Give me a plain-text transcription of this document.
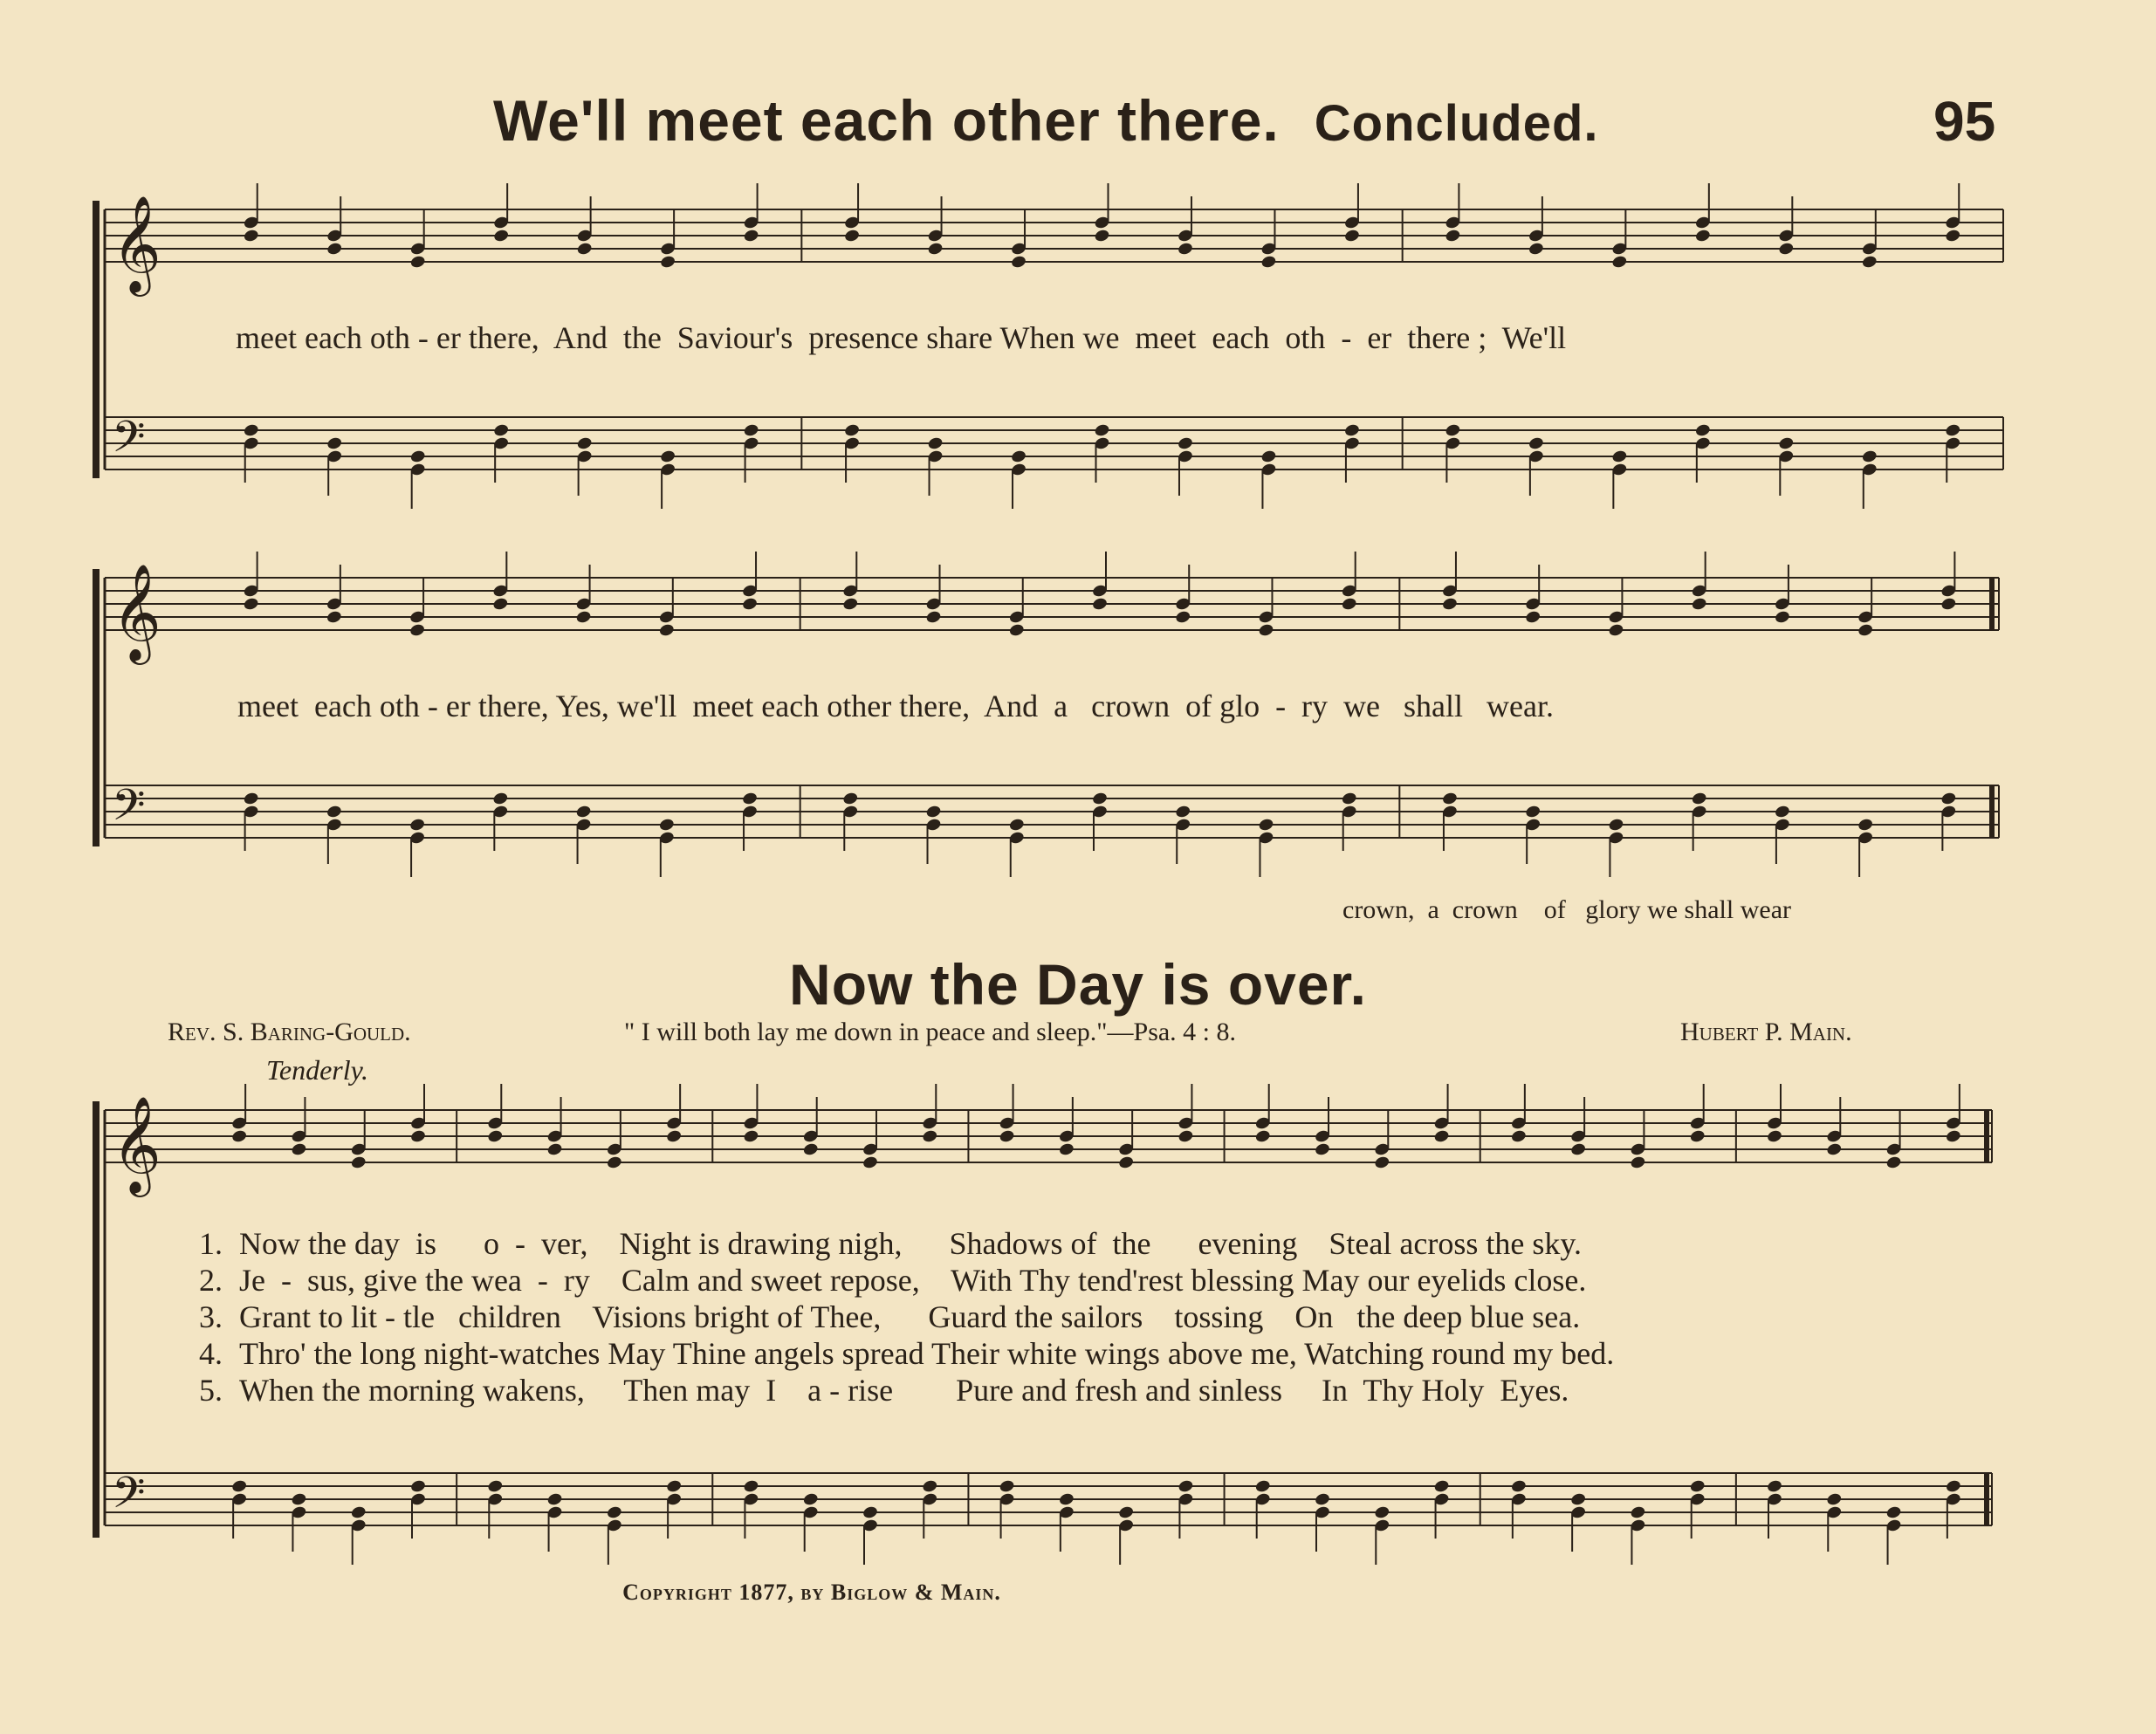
We'll meet each other there. Concluded.	95
𝄞
𝄢
𝄞
𝄢
𝄞
𝄢
meet each oth - er there,  And  the  Saviour's  presence share When we  meet  each  oth  -  er  there ;  We'll
meet  each oth - er there, Yes, we'll  meet each other there,  And  a   crown  of glo  -  ry  we   shall   wear.
crown,  a  crown    of   glory we shall wear
Now the Day is over.
Rev. S. Baring-Gould.	" I will both lay me down in peace and sleep."—Psa. 4 : 8.	Hubert P. Main.
Tenderly.
1. Now the day  is      o  -  ver,    Night is drawing nigh,      Shadows of  the      evening    Steal across the sky.
2. Je  -  sus, give the wea  -  ry    Calm and sweet repose,    With Thy tend'rest blessing May our eyelids close.
3. Grant to lit - tle   children    Visions bright of Thee,      Guard the sailors    tossing    On   the deep blue sea.
4. Thro' the long night-watches May Thine angels spread Their white wings above me, Watching round my bed.
5. When the morning wakens,     Then may  I    a - rise        Pure and fresh and sinless     In  Thy Holy  Eyes.
Copyright 1877, by Biglow & Main.
